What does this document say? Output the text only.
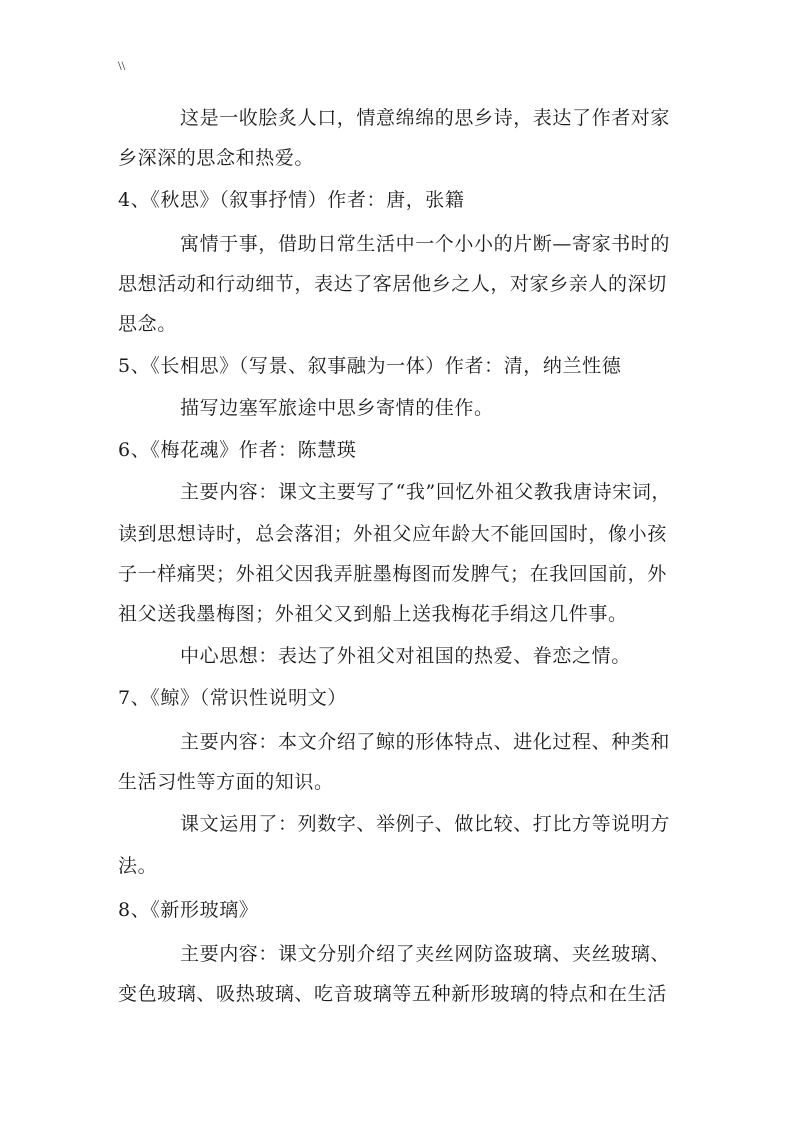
\\
这是一收脍炙人口，情意绵绵的思乡诗，表达了作者对家
乡深深的思念和热爱。
4、《秋思》（叙事抒情）作者：唐，张籍
寓情于事，借助日常生活中一个小小的片断—寄家书时的
思想活动和行动细节，表达了客居他乡之人，对家乡亲人的深切
思念。
5、《长相思》（写景、叙事融为一体）作者：清，纳兰性德
描写边塞军旅途中思乡寄情的佳作。
6、《梅花魂》作者：陈慧瑛
主要内容：课文主要写了“我”回忆外祖父教我唐诗宋词，
读到思想诗时，总会落泪；外祖父应年龄大不能回国时，像小孩
子一样痛哭；外祖父因我弄脏墨梅图而发脾气；在我回国前，外
祖父送我墨梅图；外祖父又到船上送我梅花手绢这几件事。
中心思想：表达了外祖父对祖国的热爱、眷恋之情。
7、《鲸》（常识性说明文）
主要内容：本文介绍了鲸的形体特点、进化过程、种类和
生活习性等方面的知识。
课文运用了：列数字、举例子、做比较、打比方等说明方
法。
8、《新形玻璃》
主要内容：课文分别介绍了夹丝网防盗玻璃、夹丝玻璃、
变色玻璃、吸热玻璃、吃音玻璃等五种新形玻璃的特点和在生活
